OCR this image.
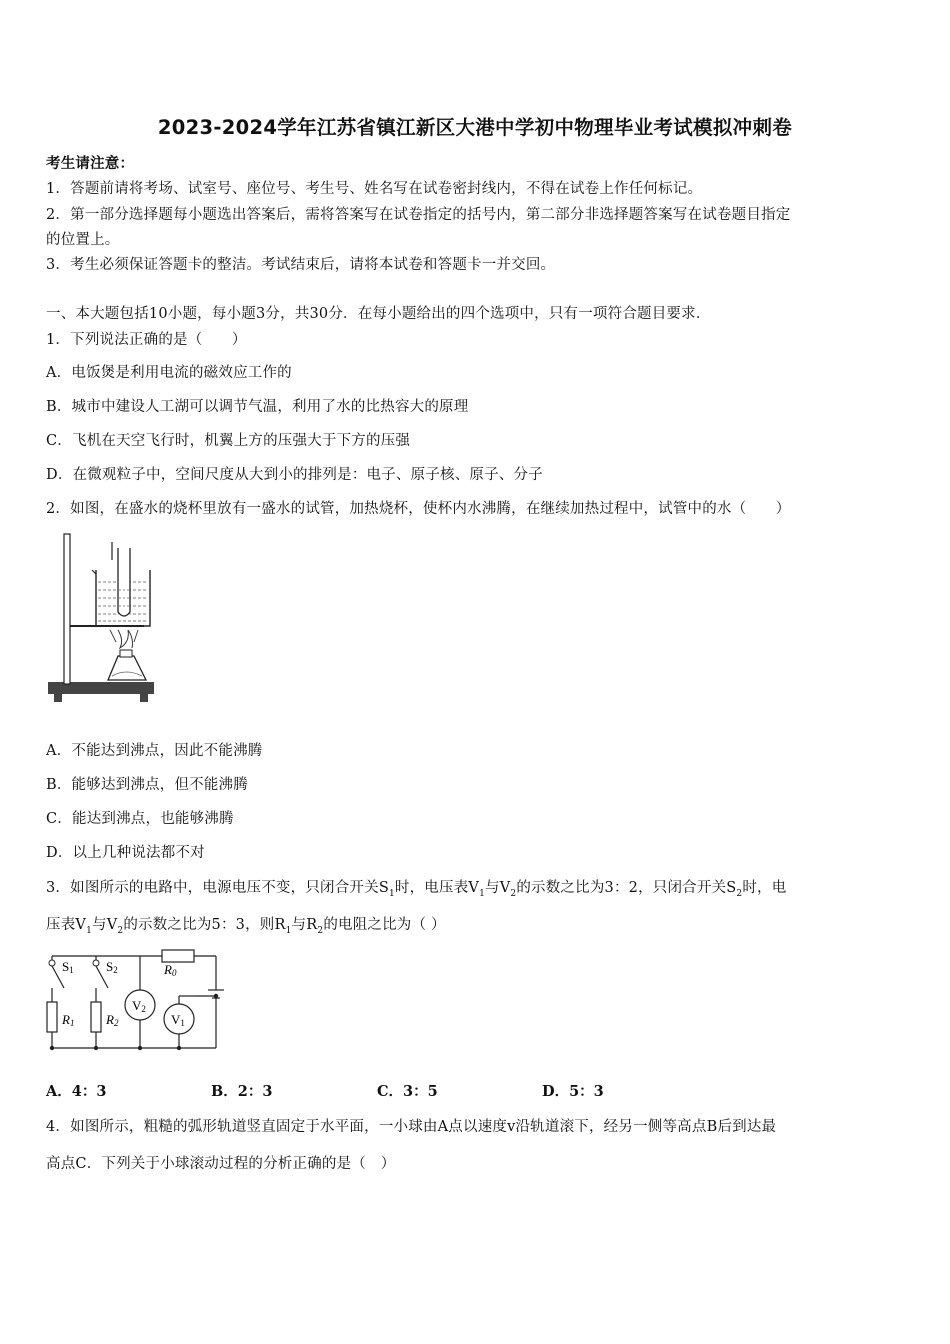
2023-2024学年江苏省镇江新区大港中学初中物理毕业考试模拟冲刺卷
考生请注意：
1．答题前请将考场、试室号、座位号、考生号、姓名写在试卷密封线内，不得在试卷上作任何标记。
2．第一部分选择题每小题选出答案后，需将答案写在试卷指定的括号内，第二部分非选择题答案写在试卷题目指定
的位置上。
3．考生必须保证答题卡的整洁。考试结束后，请将本试卷和答题卡一并交回。
一、本大题包括10小题，每小题3分，共30分．在每小题给出的四个选项中，只有一项符合题目要求．
1．下列说法正确的是（　　）
A．电饭煲是利用电流的磁效应工作的
B．城市中建设人工湖可以调节气温，利用了水的比热容大的原理
C．飞机在天空飞行时，机翼上方的压强大于下方的压强
D．在微观粒子中，空间尺度从大到小的排列是：电子、原子核、原子、分子
2．如图，在盛水的烧杯里放有一盛水的试管，加热烧杯，使杯内水沸腾，在继续加热过程中，试管中的水（　　）
A．不能达到沸点，因此不能沸腾
B．能够达到沸点，但不能沸腾
C．能达到沸点，也能够沸腾
D．以上几种说法都不对
3．如图所示的电路中，电源电压不变，只闭合开关$S_1$时，电压表$V_1$与$V_2$的示数之比为3：2，只闭合开关$S_2$时，电
压表$V_1$与$V_2$的示数之比为5：3，则$R_1$与$R_2$的电阻之比为（ ）
S1 S2	R0
R1 R2
V2
V1
A．4：3	B．2：3	C．3：5	D．5：3
4．如图所示，粗糙的弧形轨道竖直固定于水平面，一小球由A点以速度v沿轨道滚下，经另一侧等高点B后到达最
高点C．下列关于小球滚动过程的分析正确的是（　）
